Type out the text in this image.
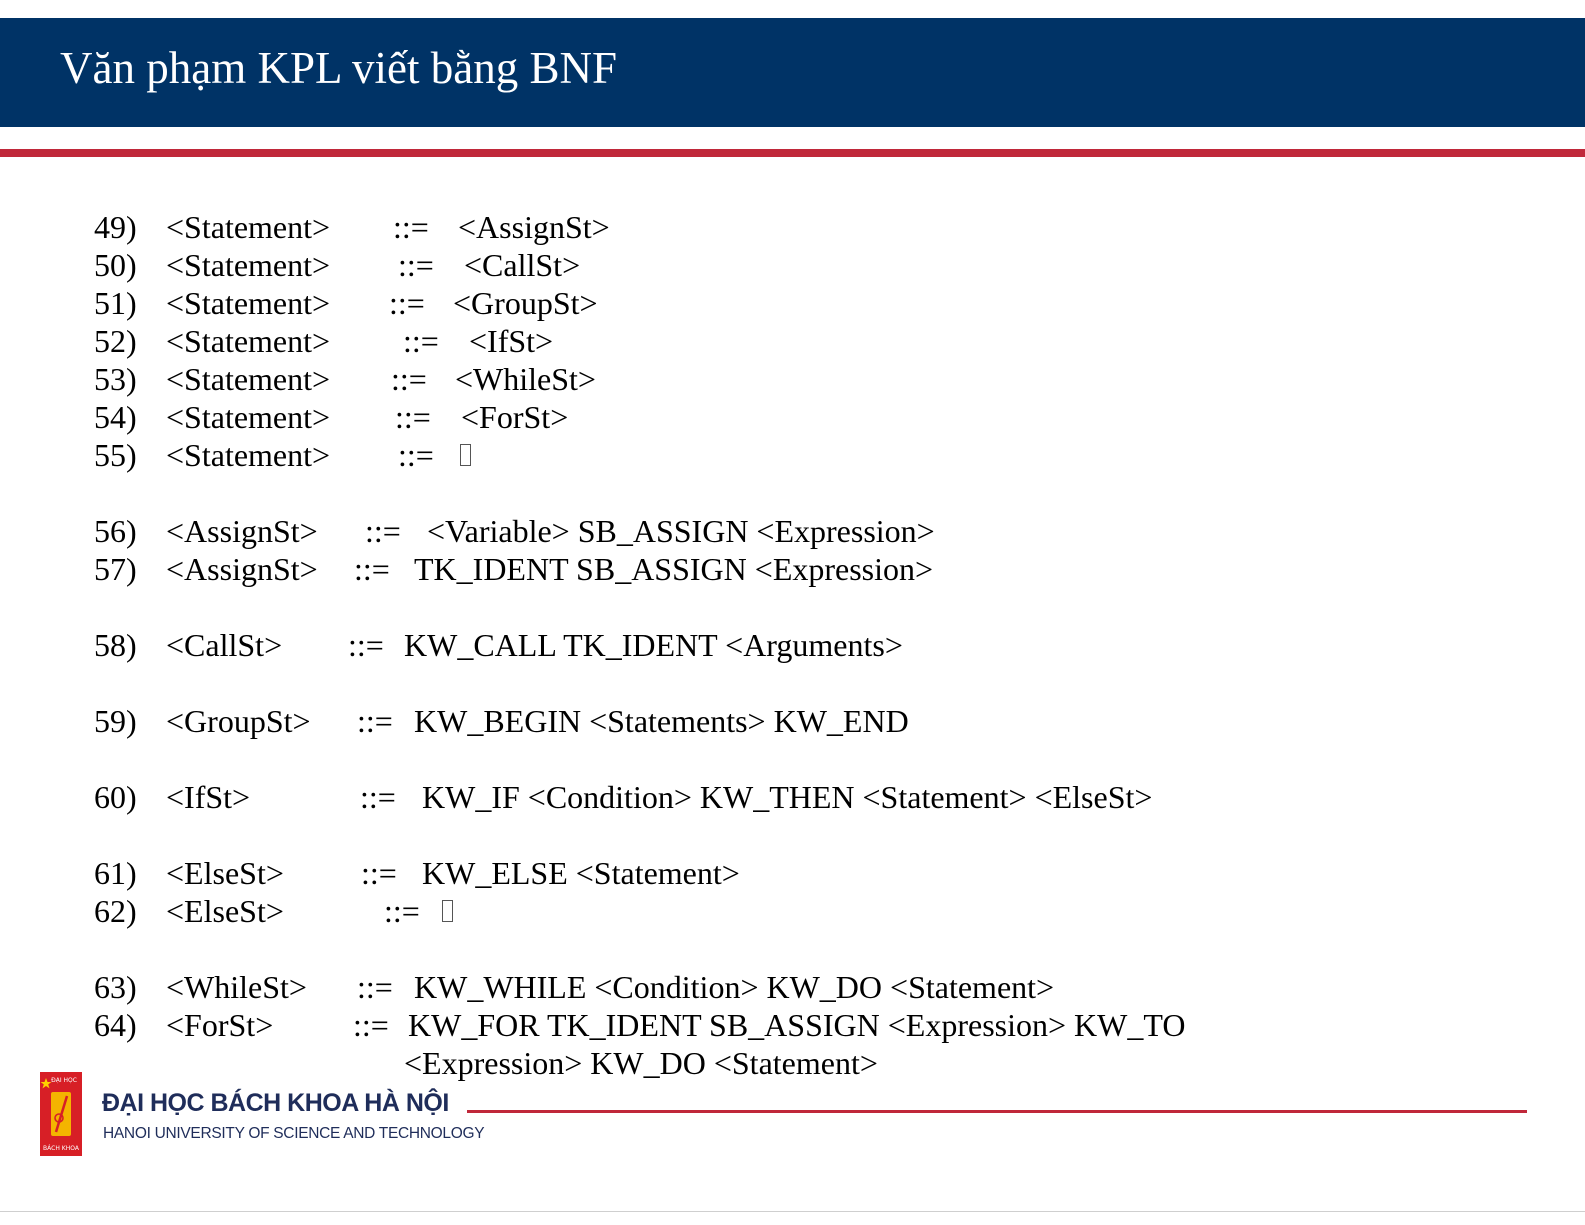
Văn phạm KPL viết bằng BNF
49) <Statement> ::= <AssignSt>
50) <Statement> ::= <CallSt>
51) <Statement> ::= <GroupSt>
52) <Statement> ::= <IfSt>
53) <Statement> ::= <WhileSt>
54) <Statement> ::= <ForSt>
55) <Statement> ::=
56) <AssignSt> ::= <Variable> SB_ASSIGN <Expression>
57) <AssignSt> ::= TK_IDENT SB_ASSIGN <Expression>
58) <CallSt> ::= KW_CALL TK_IDENT <Arguments>
59) <GroupSt> ::= KW_BEGIN <Statements> KW_END
60) <IfSt>	::= KW_IF <Condition> KW_THEN <Statement> <ElseSt>
61) <ElseSt> ::= KW_ELSE <Statement>
62) <ElseSt>	::=
63) <WhileSt> ::= KW_WHILE <Condition> KW_DO <Statement>
64) <ForSt> ::= KW_FOR TK_IDENT SB_ASSIGN <Expression> KW_TO
<Expression> KW_DO <Statement>
ĐẠI HỌC
BÁCH KHOA
ĐẠI HỌC BÁCH KHOA HÀ NỘI
HANOI UNIVERSITY OF SCIENCE AND TECHNOLOGY
